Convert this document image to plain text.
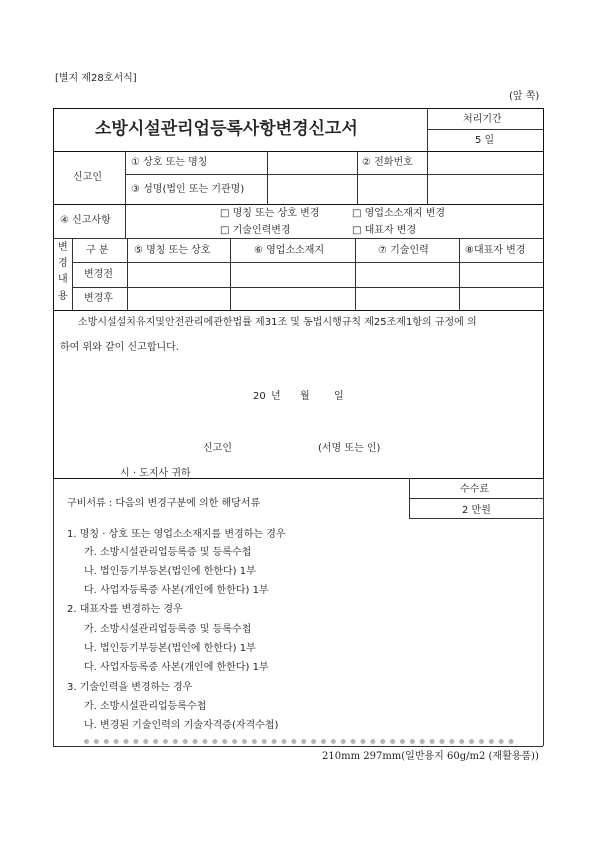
[별지 제28호서식]
(앞 쪽)
소방시설관리업등록사항변경신고서	처리기간
5 일
신고인
① 상호 또는 명칭	② 전화번호
③ 성명(법인 또는 기관명)
④ 신고사항
□ 명칭 또는 상호 변경	□ 영업소소재지 변경
□ 기술인력변경	□ 대표자 변경
변
경
내
용
구 분	⑤ 명칭 또는 상호	⑥ 영업소소재지	⑦ 기술인력	⑧대표자 변경
변경전
변경후
소방시설설치유지및안전관리에관한법률 제31조 및 동법시행규칙 제25조제1항의 규정에 의
하여 위와 같이 신고합니다.
20 년 월 일
신고인	(서명 또는 인)
시 · 도지사 귀하
구비서류 : 다음의 변경구분에 의한 해당서류
수수료
2 만원
1. 명칭 · 상호 또는 영업소소재지를 변경하는 경우
가. 소방시설관리업등록증 및 등록수첩
나. 법인등기부등본(법인에 한한다) 1부
다. 사업자등록증 사본(개인에 한한다) 1부
2. 대표자를 변경하는 경우
가. 소방시설관리업등록증 및 등록수첩
나. 법인등기부등본(법인에 한한다) 1부
다. 사업자등록증 사본(개인에 한한다) 1부
3. 기술인력을 변경하는 경우
가. 소방시설관리업등록수첩
나. 변경된 기술인력의 기술자격증(자격수첩)
210mm 297mm(일반용지 60g/m2 (재활용품))
